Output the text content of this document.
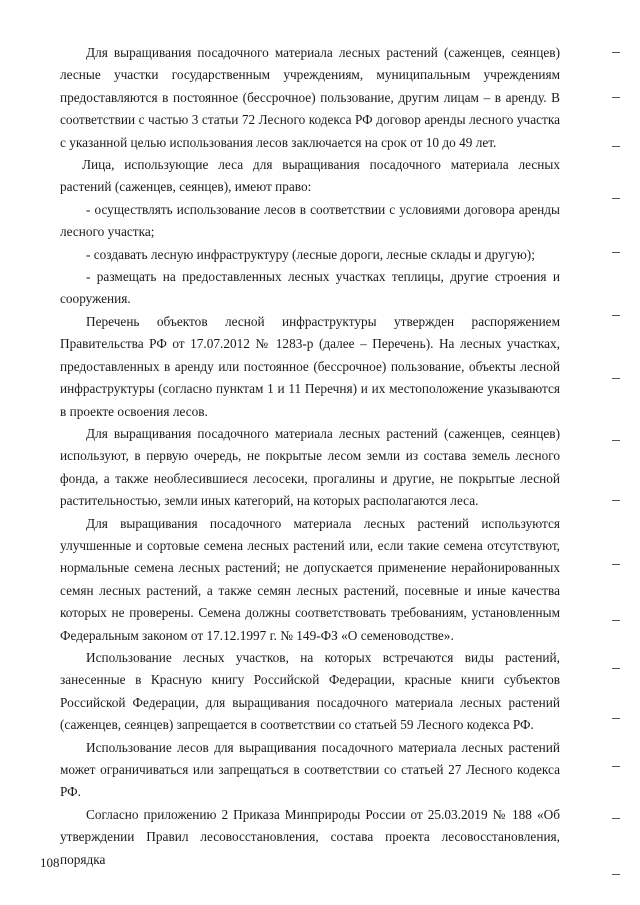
Для выращивания посадочного материала лесных растений (саженцев, сеянцев) лесные участки государственным учреждениям, муниципальным учреждениям предоставляются в постоянное (бессрочное) пользование, другим лицам – в аренду. В соответствии с частью 3 статьи 72 Лесного кодекса РФ договор аренды лесного участка с указанной целью использования лесов заключается на срок от 10 до 49 лет.

Лица, использующие леса для выращивания посадочного материала лесных растений (саженцев, сеянцев), имеют право:

- осуществлять использование лесов в соответствии с условиями договора аренды лесного участка;

- создавать лесную инфраструктуру (лесные дороги, лесные склады и другую);

- размещать на предоставленных лесных участках теплицы, другие строения и сооружения.

Перечень объектов лесной инфраструктуры утвержден распоряжением Правительства РФ от 17.07.2012 № 1283-р (далее – Перечень). На лесных участках, предоставленных в аренду или постоянное (бессрочное) пользование, объекты лесной инфраструктуры (согласно пунктам 1 и 11 Перечня) и их местоположение указываются в проекте освоения лесов.

Для выращивания посадочного материала лесных растений (саженцев, сеянцев) используют, в первую очередь, не покрытые лесом земли из состава земель лесного фонда, а также необлесившиеся лесосеки, прогалины и другие, не покрытые лесной растительностью, земли иных категорий, на которых располагаются леса.

Для выращивания посадочного материала лесных растений используются улучшенные и сортовые семена лесных растений или, если такие семена отсутствуют, нормальные семена лесных растений; не допускается применение нерайонированных семян лесных растений, а также семян лесных растений, посевные и иные качества которых не проверены. Семена должны соответствовать требованиям, установленным Федеральным законом от 17.12.1997 г. № 149-ФЗ «О семеноводстве».

Использование лесных участков, на которых встречаются виды растений, занесенные в Красную книгу Российской Федерации, красные книги субъектов Российской Федерации, для выращивания посадочного материала лесных растений (саженцев, сеянцев) запрещается в соответствии со статьей 59 Лесного кодекса РФ.

Использование лесов для выращивания посадочного материала лесных растений может ограничиваться или запрещаться в соответствии со статьей 27 Лесного кодекса РФ.

Согласно приложению 2 Приказа Минприроды России от 25.03.2019 № 188 «Об утверждении Правил лесовосстановления, состава проекта лесовосстановления, порядка

108
